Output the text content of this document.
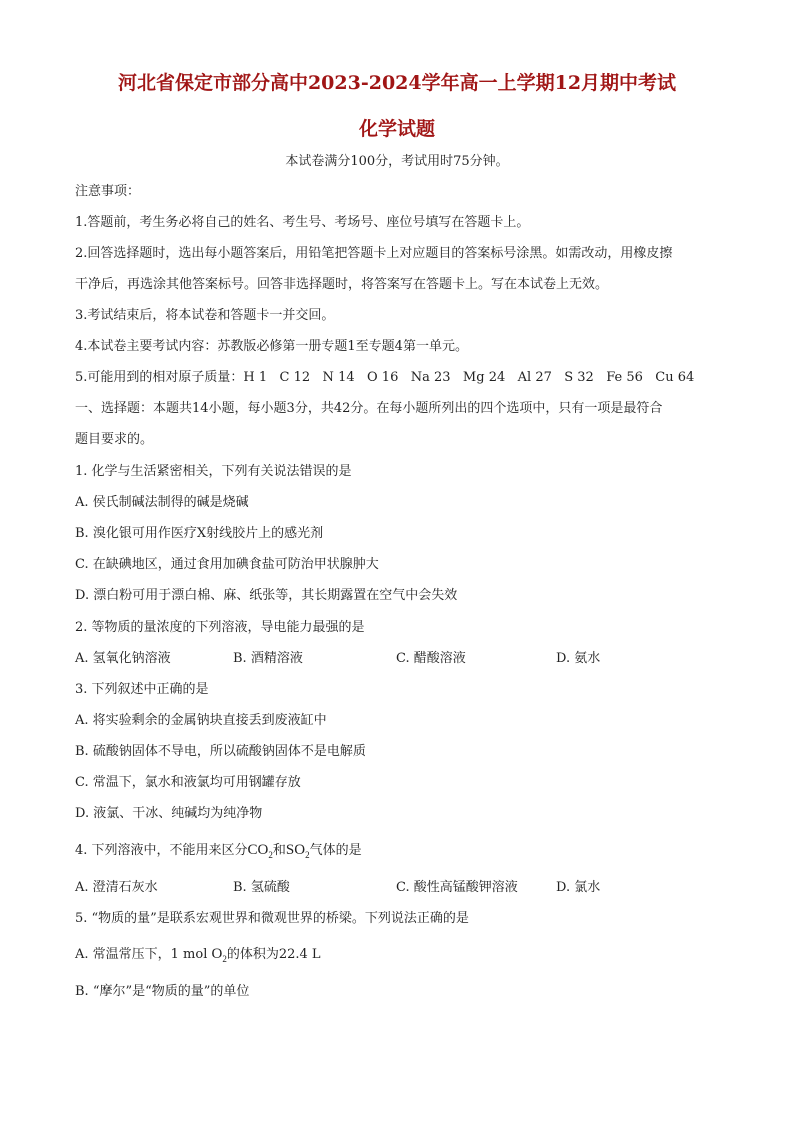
河北省保定市部分高中2023-2024学年高一上学期12月期中考试
化学试题
本试卷满分100分，考试用时75分钟。
注意事项：
1.答题前，考生务必将自己的姓名、考生号、考场号、座位号填写在答题卡上。
2.回答选择题时，选出每小题答案后，用铅笔把答题卡上对应题目的答案标号涂黑。如需改动，用橡皮擦
干净后，再选涂其他答案标号。回答非选择题时，将答案写在答题卡上。写在本试卷上无效。
3.考试结束后，将本试卷和答题卡一并交回。
4.本试卷主要考试内容：苏教版必修第一册专题1至专题4第一单元。
5.可能用到的相对原子质量：H 1   C 12   N 14   O 16   Na 23   Mg 24   Al 27   S 32   Fe 56   Cu 64
一、选择题：本题共14小题，每小题3分，共42分。在每小题所列出的四个选项中，只有一项是最符合
题目要求的。
1. 化学与生活紧密相关，下列有关说法错误的是
A. 侯氏制碱法制得的碱是烧碱
B. 溴化银可用作医疗X射线胶片上的感光剂
C. 在缺碘地区，通过食用加碘食盐可防治甲状腺肿大
D. 漂白粉可用于漂白棉、麻、纸张等，其长期露置在空气中会失效
2. 等物质的量浓度的下列溶液，导电能力最强的是
A. 氢氧化钠溶液	B. 酒精溶液	C. 醋酸溶液	D. 氨水
3. 下列叙述中正确的是
A. 将实验剩余的金属钠块直接丢到废液缸中
B. 硫酸钠固体不导电，所以硫酸钠固体不是电解质
C. 常温下，氯水和液氯均可用钢罐存放
D. 液氯、干冰、纯碱均为纯净物
4. 下列溶液中，不能用来区分$CO_2$和$SO_2$气体的是
A. 澄清石灰水	B. 氢硫酸	C. 酸性高锰酸钾溶液	D. 氯水
5. “物质的量”是联系宏观世界和微观世界的桥梁。下列说法正确的是
A. 常温常压下，1 mol $O_2$的体积为22.4 L
B. “摩尔”是“物质的量”的单位
